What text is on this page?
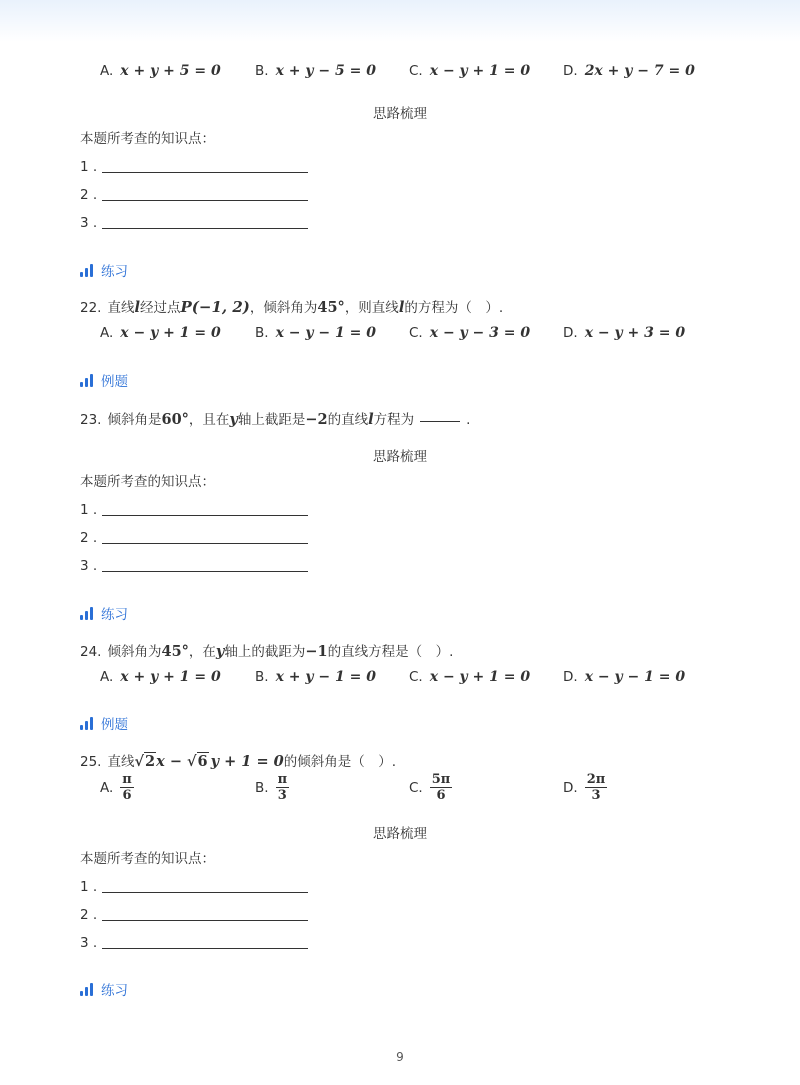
A. x + y + 5 = 0	B. x + y − 5 = 0 C. x − y + 1 = 0 D. 2x + y − 7 = 0
思路梳理
本题所考查的知识点：
1 .
2 .
3 .
练习
22. 直线 l 经过点 P(−1, 2) ，倾斜角为 45° ，则直线 l 的方程为（　）.
A. x − y + 1 = 0	B. x − y − 1 = 0 C. x − y − 3 = 0 D. x − y + 3 = 0
例题
23. 倾斜角是 60° ，且在 y 轴上截距是 −2 的直线 l 方程为	.
思路梳理
本题所考查的知识点：
1 .
2 .
3 .
练习
24. 倾斜角为 45° ，在 y 轴上的截距为 −1 的直线方程是（　）.
A. x + y + 1 = 0	B. x + y − 1 = 0 C. x − y + 1 = 0 D. x − y − 1 = 0
例题
25. 直线 √2 x − √6 y + 1 = 0 的倾斜角是（　）.
A. $\frac{\pi}{6}$	B. $\frac{\pi}{3}$	C. $\frac{5\pi}{6}$	D. $\frac{2\pi}{3}$
思路梳理
本题所考查的知识点：
1 .
2 .
3 .
练习
9
